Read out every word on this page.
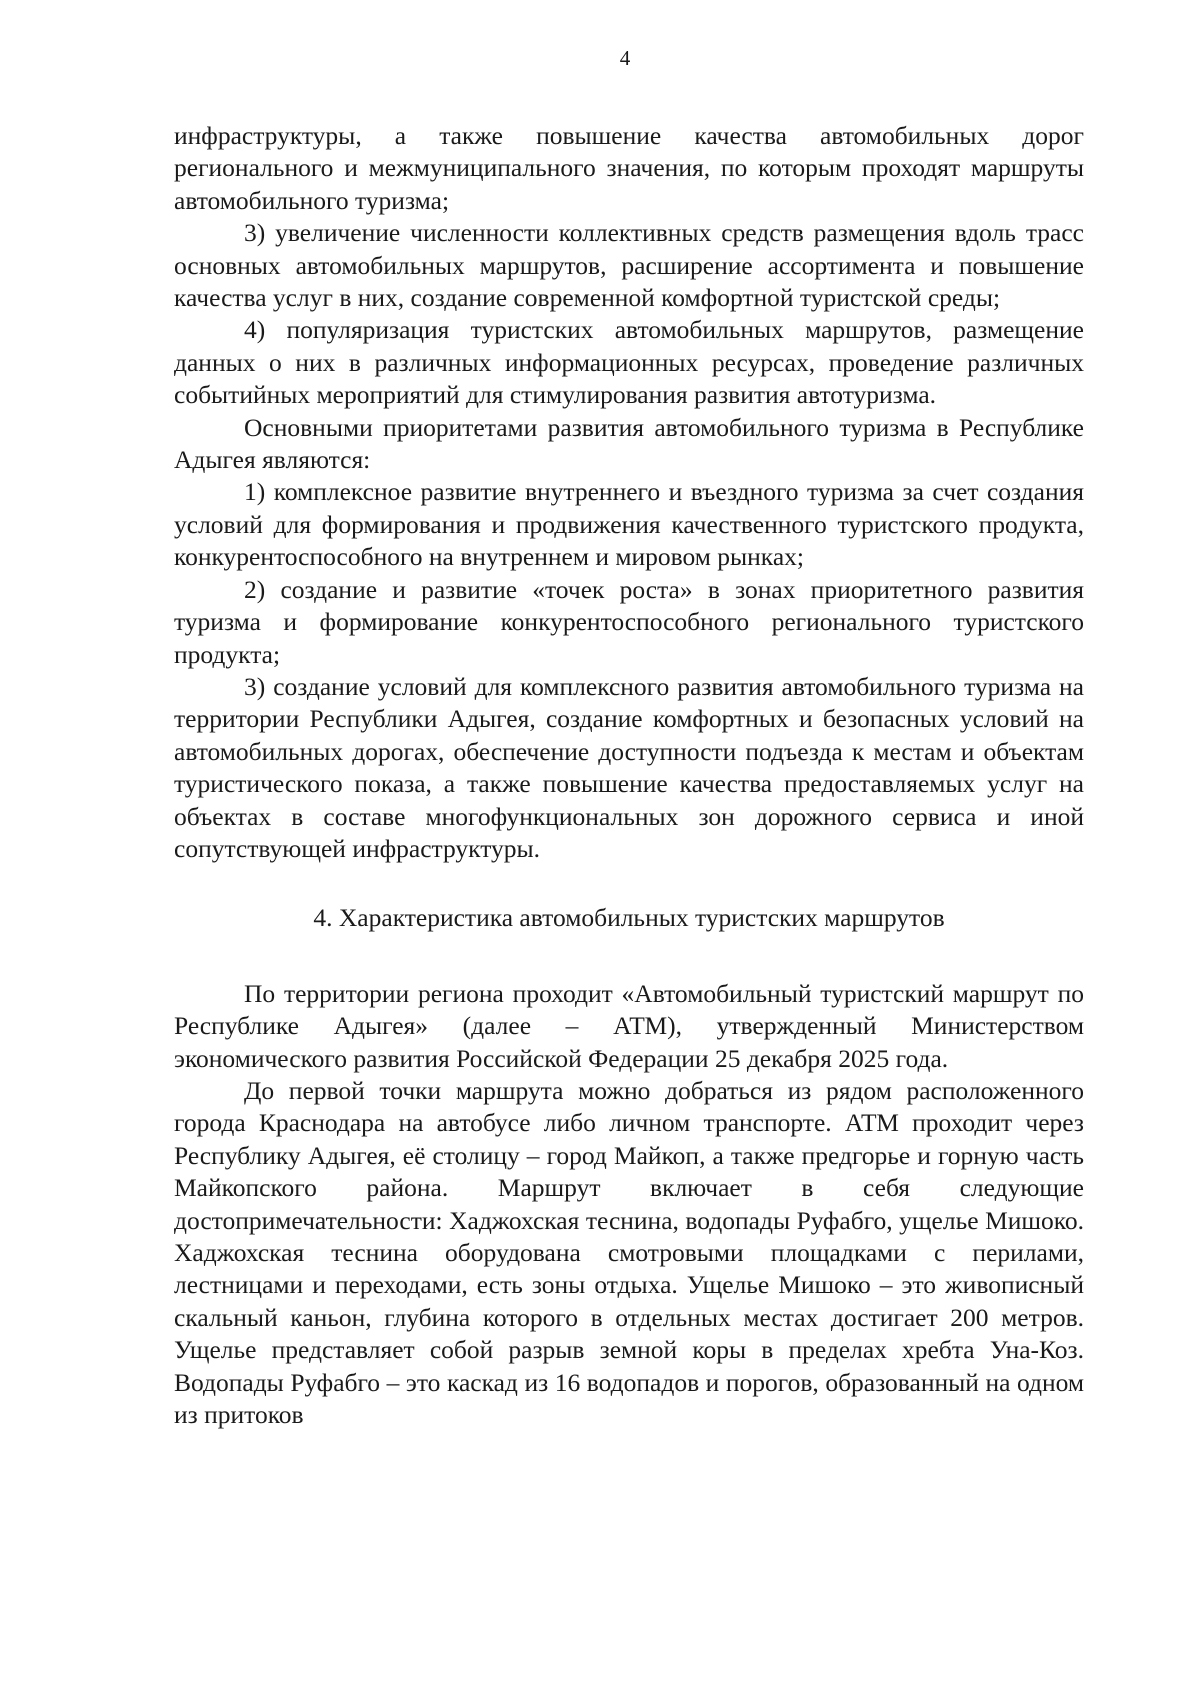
4

инфраструктуры, а также повышение качества автомобильных дорог регионального и межмуниципального значения, по которым проходят маршруты автомобильного туризма;

3) увеличение численности коллективных средств размещения вдоль трасс основных автомобильных маршрутов, расширение ассортимента и повышение качества услуг в них, создание современной комфортной туристской среды;

4) популяризация туристских автомобильных маршрутов, размещение данных о них в различных информационных ресурсах, проведение различных событийных мероприятий для стимулирования развития автотуризма.

Основными приоритетами развития автомобильного туризма в Республике Адыгея являются:

1) комплексное развитие внутреннего и въездного туризма за счет создания условий для формирования и продвижения качественного туристского продукта, конкурентоспособного на внутреннем и мировом рынках;

2) создание и развитие «точек роста» в зонах приоритетного развития туризма и формирование конкурентоспособного регионального туристского продукта;

3) создание условий для комплексного развития автомобильного туризма на территории Республики Адыгея, создание комфортных и безопасных условий на автомобильных дорогах, обеспечение доступности подъезда к местам и объектам туристического показа, а также повышение качества предоставляемых услуг на объектах в составе многофункциональных зон дорожного сервиса и иной сопутствующей инфраструктуры.

4. Характеристика автомобильных туристских маршрутов

По территории региона проходит «Автомобильный туристский маршрут по Республике Адыгея» (далее – АТМ), утвержденный Министерством экономического развития Российской Федерации 25 декабря 2025 года.

До первой точки маршрута можно добраться из рядом расположенного города Краснодара на автобусе либо личном транспорте. АТМ проходит через Республику Адыгея, её столицу – город Майкоп, а также предгорье и горную часть Майкопского района. Маршрут включает в себя следующие достопримечательности: Хаджохская теснина, водопады Руфабго, ущелье Мишоко. Хаджохская теснина оборудована смотровыми площадками с перилами, лестницами и переходами, есть зоны отдыха. Ущелье Мишоко – это живописный скальный каньон, глубина которого в отдельных местах достигает 200 метров. Ущелье представляет собой разрыв земной коры в пределах хребта Уна-Коз. Водопады Руфабго – это каскад из 16 водопадов и порогов, образованный на одном из притоков
